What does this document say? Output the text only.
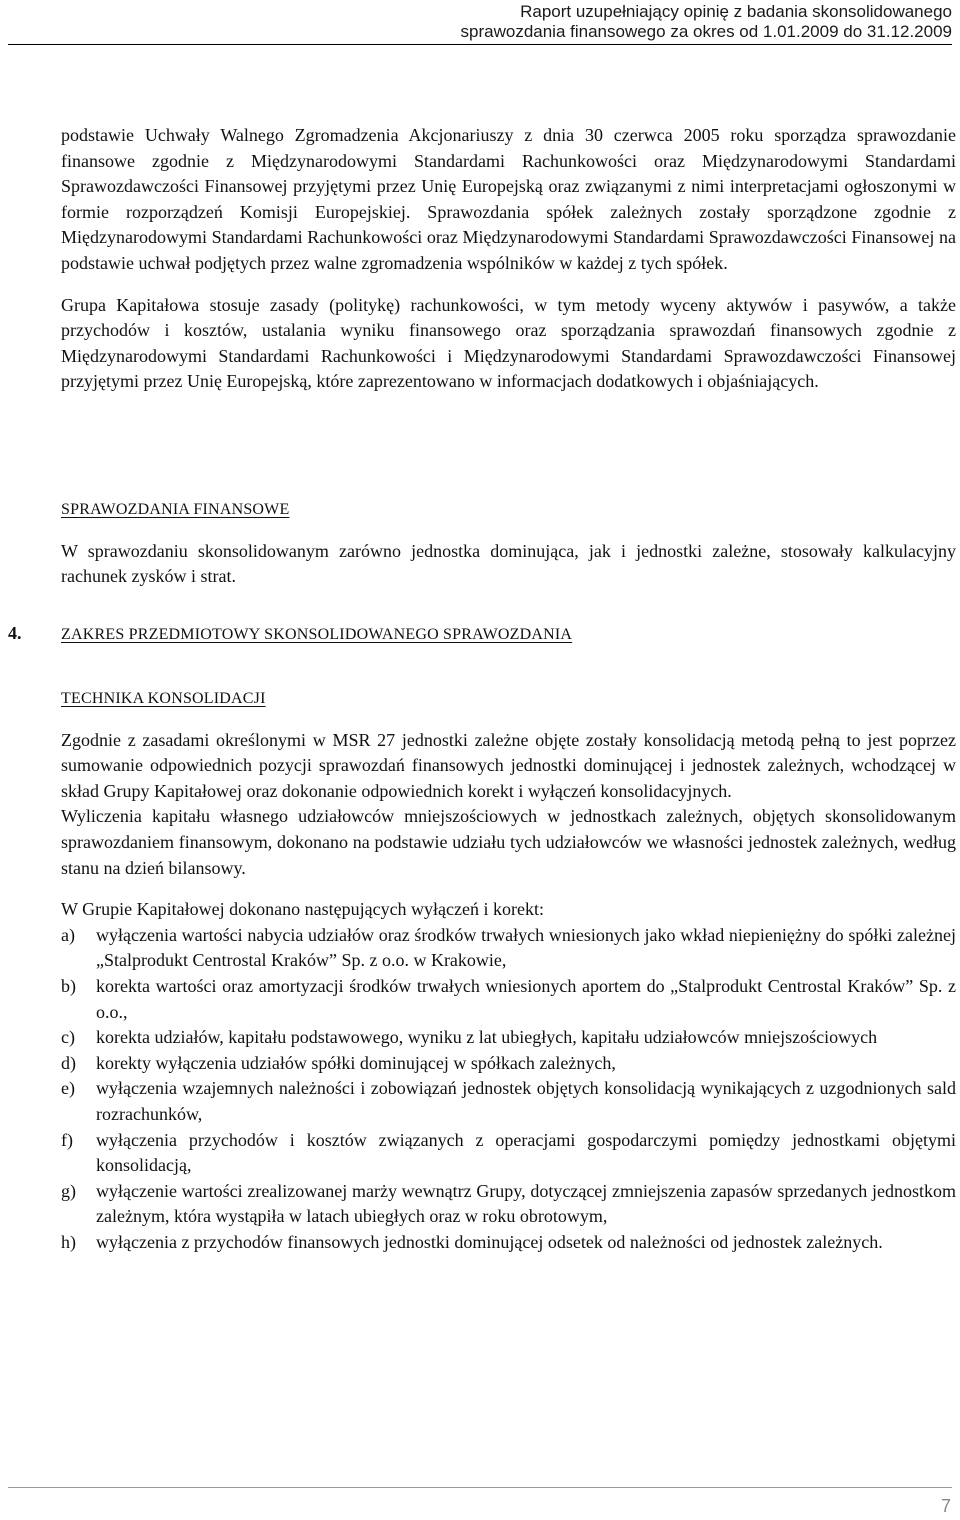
Raport uzupełniający opinię z badania skonsolidowanego
sprawozdania finansowego za okres od 1.01.2009 do 31.12.2009

podstawie Uchwały Walnego Zgromadzenia Akcjonariuszy z dnia 30 czerwca 2005 roku sporządza sprawozdanie finansowe zgodnie z Międzynarodowymi Standardami Rachunkowości oraz Międzynarodowymi Standardami Sprawozdawczości Finansowej przyjętymi przez Unię Europejską oraz związanymi z nimi interpretacjami ogłoszonymi w formie rozporządzeń Komisji Europejskiej. Sprawozdania spółek zależnych zostały sporządzone zgodnie z Międzynarodowymi Standardami Rachunkowości oraz Międzynarodowymi Standardami Sprawozdawczości Finansowej na podstawie uchwał podjętych przez walne zgromadzenia wspólników w każdej z tych spółek.

Grupa Kapitałowa stosuje zasady (politykę) rachunkowości, w tym metody wyceny aktywów i pasywów, a także przychodów i kosztów, ustalania wyniku finansowego oraz sporządzania sprawozdań finansowych zgodnie z Międzynarodowymi Standardami Rachunkowości i Międzynarodowymi Standardami Sprawozdawczości Finansowej przyjętymi przez Unię Europejską, które zaprezentowano w informacjach dodatkowych i objaśniających.

SPRAWOZDANIA FINANSOWE

W sprawozdaniu skonsolidowanym zarówno jednostka dominująca, jak i jednostki zależne, stosowały kalkulacyjny rachunek zysków i strat.

4. ZAKRES PRZEDMIOTOWY SKONSOLIDOWANEGO SPRAWOZDANIA

TECHNIKA KONSOLIDACJI

Zgodnie z zasadami określonymi w MSR 27 jednostki zależne objęte zostały konsolidacją metodą pełną to jest poprzez sumowanie odpowiednich pozycji sprawozdań finansowych jednostki dominującej i jednostek zależnych, wchodzącej w skład Grupy Kapitałowej oraz dokonanie odpowiednich korekt i wyłączeń konsolidacyjnych.

Wyliczenia kapitału własnego udziałowców mniejszościowych w jednostkach zależnych, objętych skonsolidowanym sprawozdaniem finansowym, dokonano na podstawie udziału tych udziałowców we własności jednostek zależnych, według stanu na dzień bilansowy.

W Grupie Kapitałowej dokonano następujących wyłączeń i korekt:

a) wyłączenia wartości nabycia udziałów oraz środków trwałych wniesionych jako wkład niepieniężny do spółki zależnej „Stalprodukt Centrostal Kraków” Sp. z o.o. w Krakowie,
b) korekta wartości oraz amortyzacji środków trwałych wniesionych aportem do „Stalprodukt Centrostal Kraków” Sp. z o.o.,
c) korekta udziałów, kapitału podstawowego, wyniku z lat ubiegłych, kapitału udziałowców mniejszościowych
d) korekty wyłączenia udziałów spółki dominującej w spółkach zależnych,
e) wyłączenia wzajemnych należności i zobowiązań jednostek objętych konsolidacją wynikających z uzgodnionych sald rozrachunków,
f) wyłączenia przychodów i kosztów związanych z operacjami gospodarczymi pomiędzy jednostkami objętymi konsolidacją,
g) wyłączenie wartości zrealizowanej marży wewnątrz Grupy, dotyczącej zmniejszenia zapasów sprzedanych jednostkom zależnym, która wystąpiła w latach ubiegłych oraz w roku obrotowym,
h) wyłączenia z przychodów finansowych jednostki dominującej odsetek od należności od jednostek zależnych.
7
